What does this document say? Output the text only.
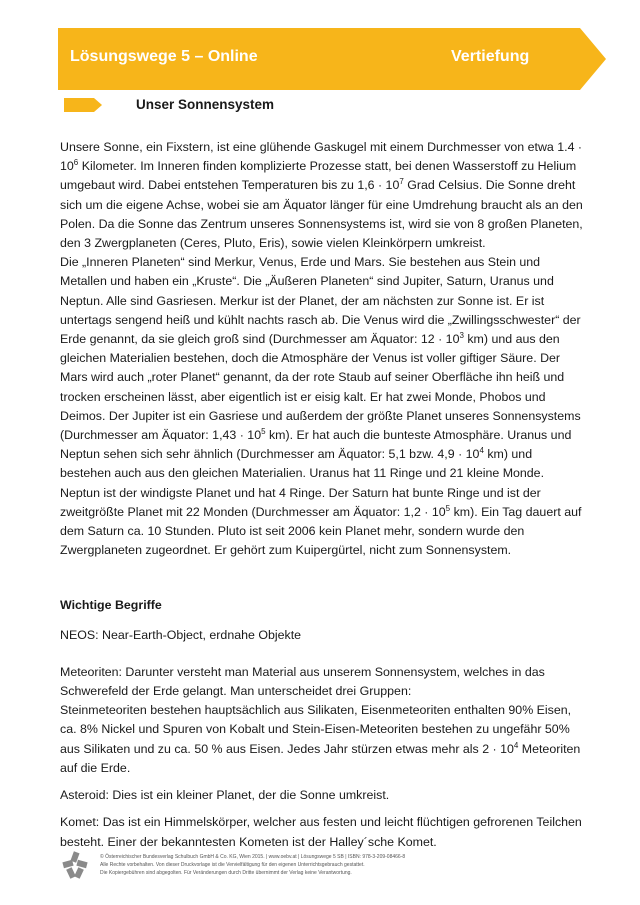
Lösungswege 5 – Online	Vertiefung
Unser Sonnensystem

Unsere Sonne, ein Fixstern, ist eine glühende Gaskugel mit einem Durchmesser von etwa $1.4 \cdot 10^6$ Kilometer. Im Inneren finden komplizierte Prozesse statt, bei denen Wasserstoff zu Helium umgebaut wird. Dabei entstehen Temperaturen bis zu $1,6 \cdot 10^7$ Grad Celsius. Die Sonne dreht sich um die eigene Achse, wobei sie am Äquator länger für eine Umdrehung braucht als an den Polen. Da die Sonne das Zentrum unseres Sonnensystems ist, wird sie von 8 großen Planeten, den 3 Zwergplaneten (Ceres, Pluto, Eris), sowie vielen Kleinkörpern umkreist.

Die „Inneren Planeten“ sind Merkur, Venus, Erde und Mars. Sie bestehen aus Stein und Metallen und haben ein „Kruste“. Die „Äußeren Planeten“ sind Jupiter, Saturn, Uranus und Neptun. Alle sind Gasriesen. Merkur ist der Planet, der am nächsten zur Sonne ist. Er ist untertags sengend heiß und kühlt nachts rasch ab. Die Venus wird die „Zwillingsschwester“ der Erde genannt, da sie gleich groß sind (Durchmesser am Äquator: $12 \cdot 10^3$ km) und aus den gleichen Materialien bestehen, doch die Atmosphäre der Venus ist voller giftiger Säure. Der Mars wird auch „roter Planet“ genannt, da der rote Staub auf seiner Oberfläche ihn heiß und trocken erscheinen lässt, aber eigentlich ist er eisig kalt. Er hat zwei Monde, Phobos und Deimos. Der Jupiter ist ein Gasriese und außerdem der größte Planet unseres Sonnensystems (Durchmesser am Äquator: $1,43 \cdot 10^5$ km). Er hat auch die bunteste Atmosphäre. Uranus und Neptun sehen sich sehr ähnlich (Durchmesser am Äquator: 5,1 bzw. $4,9 \cdot 10^4$ km) und bestehen auch aus den gleichen Materialien. Uranus hat 11 Ringe und 21 kleine Monde. Neptun ist der windigste Planet und hat 4 Ringe. Der Saturn hat bunte Ringe und ist der zweitgrößte Planet mit 22 Monden (Durchmesser am Äquator: $1,2 \cdot 10^5$ km). Ein Tag dauert auf dem Saturn ca. 10 Stunden. Pluto ist seit 2006 kein Planet mehr, sondern wurde den Zwergplaneten zugeordnet. Er gehört zum Kuipergürtel, nicht zum Sonnensystem.

Wichtige Begriffe

NEOS: Near-Earth-Object, erdnahe Objekte

Meteoriten: Darunter versteht man Material aus unserem Sonnensystem, welches in das Schwerefeld der Erde gelangt. Man unterscheidet drei Gruppen:

Steinmeteoriten bestehen hauptsächlich aus Silikaten, Eisenmeteoriten enthalten 90% Eisen, ca. 8% Nickel und Spuren von Kobalt und Stein-Eisen-Meteoriten bestehen zu ungefähr 50% aus Silikaten und zu ca. 50 % aus Eisen. Jedes Jahr stürzen etwas mehr als $2 \cdot 10^4$ Meteoriten auf die Erde.

Asteroid: Dies ist ein kleiner Planet, der die Sonne umkreist.

Komet: Das ist ein Himmelskörper, welcher aus festen und leicht flüchtigen gefrorenen Teilchen besteht. Einer der bekanntesten Kometen ist der Halley´sche Komet.

© Österreichischer Bundesverlag Schulbuch GmbH & Co. KG, Wien 2015. | www.oebv.at | Lösungswege 5 SB | ISBN: 978-3-209-08466-8
Alle Rechte vorbehalten. Von dieser Druckvorlage ist die Vervielfältigung für den eigenen Unterrichtsgebrauch gestattet.
Die Kopiergebühren sind abgegolten. Für Veränderungen durch Dritte übernimmt der Verlag keine Verantwortung.
